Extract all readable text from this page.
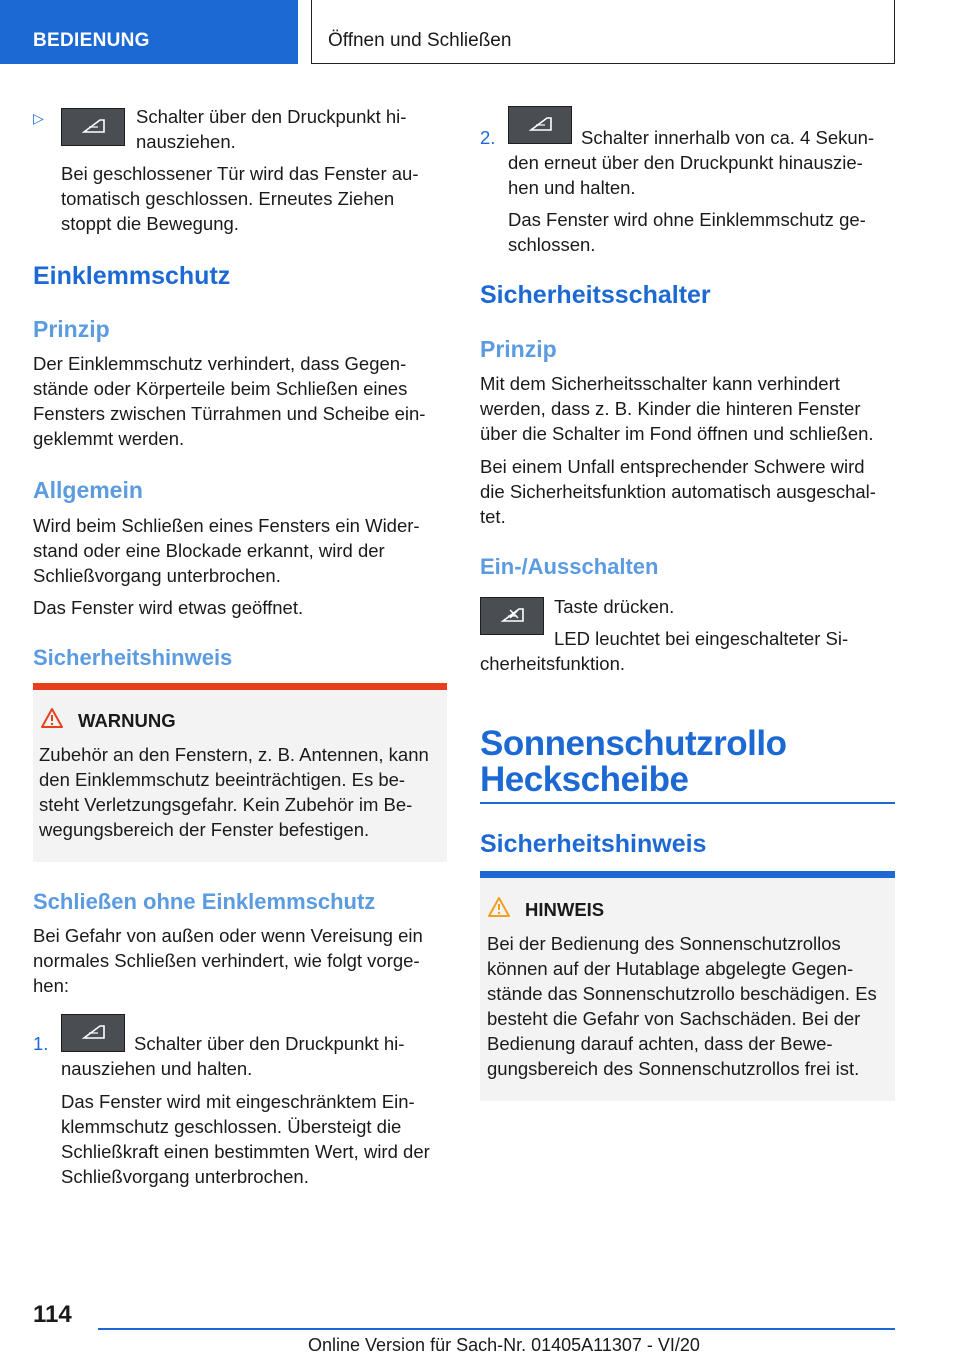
BEDIENUNG	Öffnen und Schließen
▷	Schalter über den Druckpunkt hi-
nausziehen.
Bei geschlossener Tür wird das Fenster au-
tomatisch geschlossen. Erneutes Ziehen
stoppt die Bewegung.
Einklemmschutz
Prinzip
Der Einklemmschutz verhindert, dass Gegen-
stände oder Körperteile beim Schließen eines
Fensters zwischen Türrahmen und Scheibe ein-
geklemmt werden.
Allgemein
Wird beim Schließen eines Fensters ein Wider-
stand oder eine Blockade erkannt, wird der
Schließvorgang unterbrochen.
Das Fenster wird etwas geöffnet.
Sicherheitshinweis
WARNUNG
Zubehör an den Fenstern, z. B. Antennen, kann
den Einklemmschutz beeinträchtigen. Es be-
steht Verletzungsgefahr. Kein Zubehör im Be-
wegungsbereich der Fenster befestigen.
Schließen ohne Einklemmschutz
Bei Gefahr von außen oder wenn Vereisung ein
normales Schließen verhindert, wie folgt vorge-
hen:
1.	Schalter über den Druckpunkt hi-
nausziehen und halten.
Das Fenster wird mit eingeschränktem Ein-
klemmschutz geschlossen. Übersteigt die
Schließkraft einen bestimmten Wert, wird der
Schließvorgang unterbrochen.
2.	Schalter innerhalb von ca. 4 Sekun-
den erneut über den Druckpunkt hinauszie-
hen und halten.
Das Fenster wird ohne Einklemmschutz ge-
schlossen.
Sicherheitsschalter
Prinzip
Mit dem Sicherheitsschalter kann verhindert
werden, dass z. B. Kinder die hinteren Fenster
über die Schalter im Fond öffnen und schließen.
Bei einem Unfall entsprechender Schwere wird
die Sicherheitsfunktion automatisch ausgeschal-
tet.
Ein-/Ausschalten
Taste drücken.
LED leuchtet bei eingeschalteter Si-
cherheitsfunktion.
Sonnenschutzrollo
Heckscheibe
Sicherheitshinweis
HINWEIS
Bei der Bedienung des Sonnenschutzrollos
können auf der Hutablage abgelegte Gegen-
stände das Sonnenschutzrollo beschädigen. Es
besteht die Gefahr von Sachschäden. Bei der
Bedienung darauf achten, dass der Bewe-
gungsbereich des Sonnenschutzrollos frei ist.
114
Online Version für Sach-Nr. 01405A11307 - VI/20
